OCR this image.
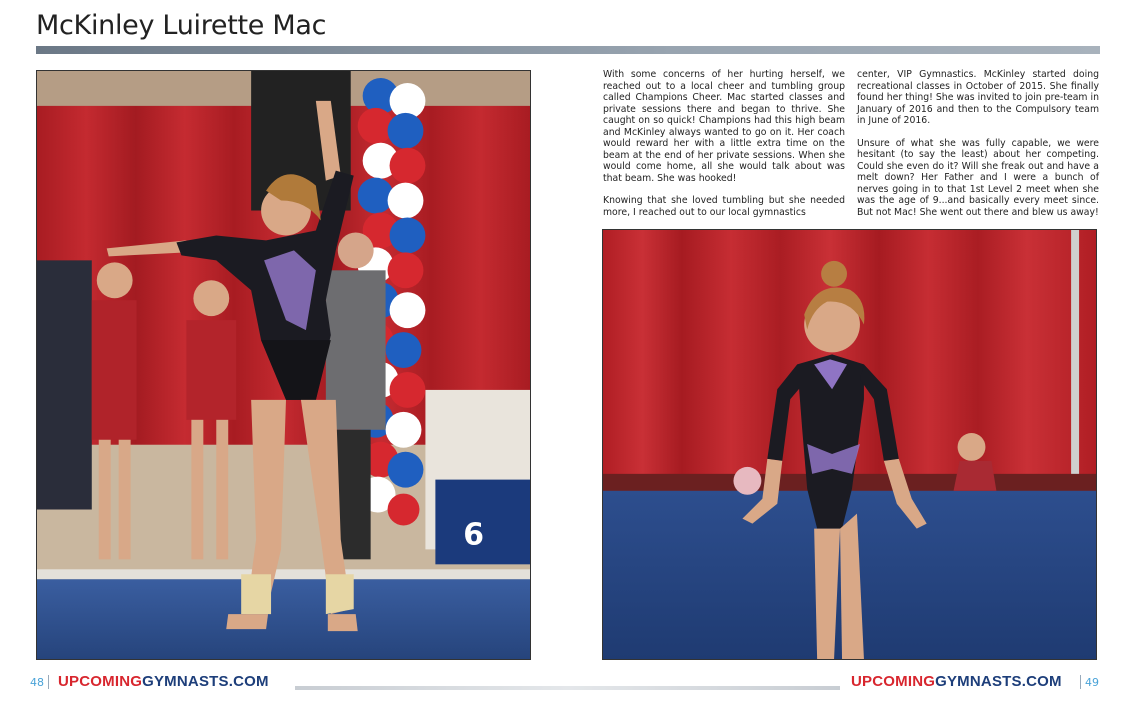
McKinley Luirette Mac
6

With some concerns of her hurting herself, we reached out to a local cheer and tumbling group called Champions Cheer. Mac started classes and private sessions there and began to thrive. She caught on so quick! Champions had this high beam and McKinley always wanted to go on it. Her coach would reward her with a little extra time on the beam at the end of her private sessions. When she would come home, all she would talk about was that beam. She was hooked!

Knowing that she loved tumbling but she needed more, I reached out to our local gymnastics

center, VIP Gymnastics. McKinley started doing recreational classes in October of 2015. She finally found her thing! She was invited to join pre-team in January of 2016 and then to the Compulsory team in June of 2016.

Unsure of what she was fully capable, we were hesitant (to say the least) about her competing. Could she even do it? Will she freak out and have a melt down? Her Father and I were a bunch of nerves going in to that 1st Level 2 meet when she was the age of 9...and basically every meet since. But not Mac! She went out there and blew us away!

48 UPCOMINGGYMNASTS.COM	UPCOMINGGYMNASTS.COM 49
